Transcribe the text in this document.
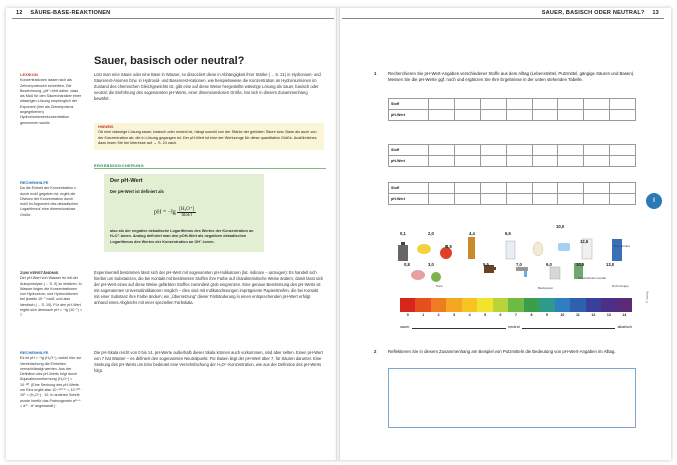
12 SÄURE-BASE-REAKTIONEN	SAUER, BASISCH ODER NEUTRAL? 13
Sauer, basisch oder neutral?
LEXIKON
Konzentrationen lassen sich als Zehnerpotenzen schreiben. Die Bezeichnung „pH“ rührt daher, dass als Maß für den Säurecharakter einer wässrigen Lösung ursprünglich der Exponent (hier als Zehnerpotenz angegebenen) Hydroniumionenkonzentration genommen wurde.
RECHENHILFE
Da die Einheit der Konzentration c durch mol/l gegeben ist, ergibt die Division der Konzentration durch mol/l im Argument des dekadischen Logarithmus' eine dimensionslose Größe.
ZUM VERSTÄNDNIS
Der pH-Wert von Wasser ist mit der Autoprotolyse (→ S. 9) zu erklären: In Wasser liegen die Konzentrationen von Hydronium- und Hydroxidionen bei jeweils 10⁻⁷ mol/l, und also identisch (→ S. 10). Für den pH-Wert ergibt sich demnach pH = −lg (10⁻⁷) = 7.
RECHENHILFE
Es ist pH = −lg (H₃O⁺), wobei hier zur Vereinfachung die Einheiten vernachlässigt werden. Aus der Definition des pH-Werts folgt durch Äquivalenzumformung (H₃O⁺) = 10⁻ᵖᴴ. (Eine Senkung des pH-Werts um Eins ergibt also 10⁻⁽ᵖᴴ⁻¹⁾ = 10⁻ᵖᴴ · 10¹ = (H₃O⁺) · 10. In anderen Schritt wurde hierfür das Potenzgesetz aᵐ⁺ⁿ = aᵐ · aⁿ angewandt.)
Löst man eine Säure oder eine Base in Wasser, so dissoziiert diese in Abhängigkeit ihrer Stärke (→ S. 21) in Hydronium- und Säurerest-Anionen bzw. in Hydroxid- und Basenrest-Kationen, wie beispielsweise die Konzentration an Hydroniumionen im Zustand des chemischen Gleichgewichts ist, gibt eine auf diese Weise hergestellte wässrige Lösung als sauer, basisch oder neutral; die Einführung des sogenannten pH-Werts, einer dimensionslosen Größe, hat sich in diesem Zusammenhang bewährt.
HINWEIS
Ob eine wässrige Lösung sauer, basisch oder neutral ist, hängt sowohl von der Stärke der gelösten Säure bzw. Base als auch von der Konzentration ab; die in Lösung gegangen ist. Der pH-Wert ist eine der Werkzeuge für diese quantitative Größe. Ausführliches dazu lesen Sie bei Interesse auf → S. 24 nach.
ERGEBNISSICHERUNG
Der pH-Wert
Der pH-Wert ist definiert als
pH = $-\lg \frac{\text{[H₃O⁺]}}{\text{mol/l}}$
also als der negative dekadische Logarithmus des Wertes der Konzentration an H₃O⁺-Ionen. Analog definiert man den pOH-Wert als negativen dekadischen Logarithmus des Wertes der Konzentration an OH⁻-Ionen.
Experimentell bestimmen lässt sich der pH-Wert mit sogenannten pH-Indikatoren (lat. indicare – anzeigen): Es handelt sich hierbei um Substanzen, die bei Kontakt mit bestimmten Stoffen ihre Farbe auf charakteristische Weise ändern; damit lässt sich der pH-Wert eines auf diese Weise gefärbten Stoffes zumindest grob eingrenzen. Eine genaue Bestimmung des pH-Werts ist mit sogenannten Universalindikatoren möglich – dies sind mit Indikatorlösungen imprägnierte Papierstreifen, die bei Kontakt mit einer Substanz ihre Farbe ändern; ein „Übersetzung“ dieser Farbänderung in einen entsprechenden pH-Wert erfolgt anhand eines Abgleichs mit einer speziellen Farbskala.
Die pH-Skala reicht von 0 bis 14. pH-Werte außerhalb dieser Skala können auch vorkommen, sind aber selten. Einen pH-Wert von 7 hat Wasser – es definiert den sogenannten Neutralpunkt. Für Basen liegt der pH-Wert über 7, für Säuren darunter. Eine Senkung des pH-Werts um Eins bedeutet eine Verzehnfachung der H₃O⁺-Konzentration, wie aus der Definition des pH-Werts folgt.
1	Recherchieren Sie pH-Wert-Angaben verschiedener Stoffe aus dem Alltag (Lebensmittel, Putzmittel, gängige Säuren und Basen). Messen Sie die pH-Werte ggf. noch und ergänzen Sie Ihre Ergebnisse in der unten stehenden Tabelle.
Stoff								
pH-Wert								
Stoff								
pH-Wert								
Stoff								
pH-Wert									I
0,1	2,0
4,5
4,4
5,5
6,5
10,0
12,6
0,8	3,0	7,0	9,0	10,5	13,0
Bleichmittel
Haut	Backpulver
Haushaltsammoniak
Rohrreiniger
0	1	2	3	4	5	6	7	8	9	10	11	12	13	14
sauer	neutral	alkalisch
© Verlag
2	Reflektieren Sie in diesem Zusammenhang am Beispiel von Putzmitteln die Bedeutung von pH-Wert-Angaben im Alltag.
